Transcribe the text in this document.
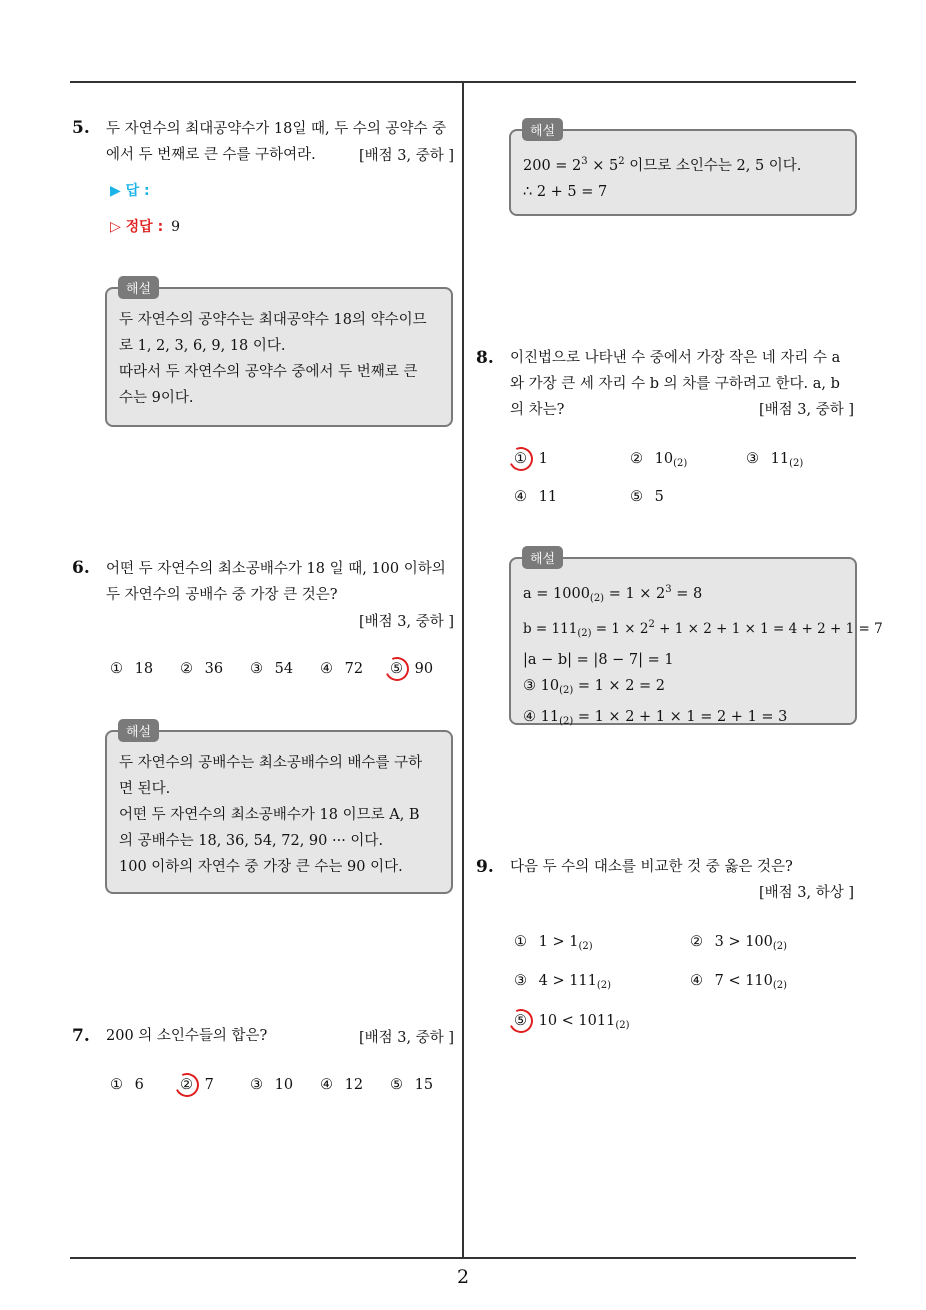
2
5. 두 자연수의 최대공약수가 18일 때, 두 수의 공약수 중
에서 두 번째로 큰 수를 구하여라.	[배점 3, 중하 ]
▶ 답 :
▷ 정답 : 9
두 자연수의 공약수는 최대공약수 18의 약수이므
로 1, 2, 3, 6, 9, 18 이다.
따라서 두 자연수의 공약수 중에서 두 번째로 큰
수는 9이다.
해설
6. 어떤 두 자연수의 최소공배수가 18 일 때, 100 이하의
두 자연수의 공배수 중 가장 큰 것은?
[배점 3, 중하 ]
① 18 ② 36 ③ 54 ④ 72 ⑤ 90
두 자연수의 공배수는 최소공배수의 배수를 구하
면 된다.
어떤 두 자연수의 최소공배수가 18 이므로 A, B
의 공배수는 18, 36, 54, 72, 90 ··· 이다.
100 이하의 자연수 중 가장 큰 수는 90 이다.
해설
7. 200 의 소인수들의 합은?	[배점 3, 중하 ]
① 6 ② 7 ③ 10 ④ 12 ⑤ 15
$200 = 2^3 \times 5^2$ 이므로 소인수는 2, 5 이다.
∴ 2 + 5 = 7
해설
8. 이진법으로 나타낸 수 중에서 가장 작은 네 자리 수 a
와 가장 큰 세 자리 수 b 의 차를 구하려고 한다. a, b
의 차는?	[배점 3, 중하 ]
① 1	② $10_{(2)}$	③ $11_{(2)}$
④ 11	⑤ 5
$a = 1000_{(2)} = 1 \times 2^3 = 8$
$b = 111_{(2)} = 1 \times 2^2 + 1 \times 2 + 1 \times 1 = 4 + 2 + 1 = 7$
|a − b| = |8 − 7| = 1
③ $10_{(2)} = 1 \times 2 = 2$
④ $11_{(2)} = 1 \times 2 + 1 \times 1 = 2 + 1 = 3$
해설
9. 다음 두 수의 대소를 비교한 것 중 옳은 것은?
[배점 3, 하상 ]
① $1 > 1_{(2)}$	② $3 > 100_{(2)}$
③ $4 > 111_{(2)}$	④ $7 < 110_{(2)}$
⑤ $10 < 1011_{(2)}$
